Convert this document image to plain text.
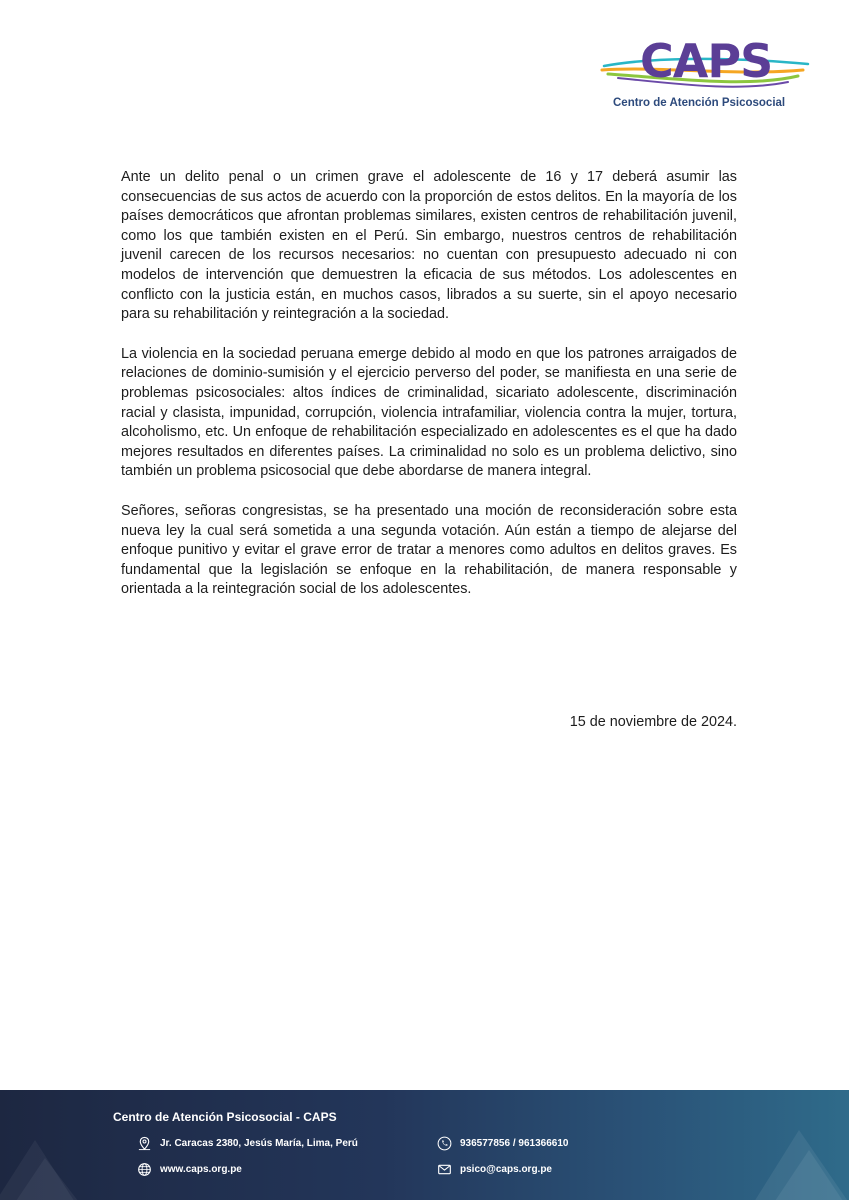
CAPS
Centro de Atención Psicosocial

Ante un delito penal o un crimen grave el adolescente de 16 y 17 deberá asumir las consecuencias de sus actos de acuerdo con la proporción de estos delitos. En la mayoría de los países democráticos que afrontan problemas similares, existen centros de rehabilitación juvenil, como los que también existen en el Perú. Sin embargo, nuestros centros de rehabilitación juvenil carecen de los recursos necesarios: no cuentan con presupuesto adecuado ni con modelos de intervención que demuestren la eficacia de sus métodos. Los adolescentes en conflicto con la justicia están, en muchos casos, librados a su suerte, sin el apoyo necesario para su rehabilitación y reintegración a la sociedad.

La violencia en la sociedad peruana emerge debido al modo en que los patrones arraigados de relaciones de dominio-sumisión y el ejercicio perverso del poder, se manifiesta en una serie de problemas psicosociales: altos índices de criminalidad, sicariato adolescente, discriminación racial y clasista, impunidad, corrupción, violencia intrafamiliar, violencia contra la mujer, tortura, alcoholismo, etc. Un enfoque de rehabilitación especializado en adolescentes es el que ha dado mejores resultados en diferentes países. La criminalidad no solo es un problema delictivo, sino también un problema psicosocial que debe abordarse de manera integral.

Señores, señoras congresistas, se ha presentado una moción de reconsideración sobre esta nueva ley la cual será sometida a una segunda votación. Aún están a tiempo de alejarse del enfoque punitivo y evitar el grave error de tratar a menores como adultos en delitos graves. Es fundamental que la legislación se enfoque en la rehabilitación, de manera responsable y orientada a la reintegración social de los adolescentes.

15 de noviembre de 2024.
Centro de Atención Psicosocial - CAPS
Jr. Caracas 2380, Jesús María, Lima, Perú
www.caps.org.pe
936577856 / 961366610
psico@caps.org.pe
